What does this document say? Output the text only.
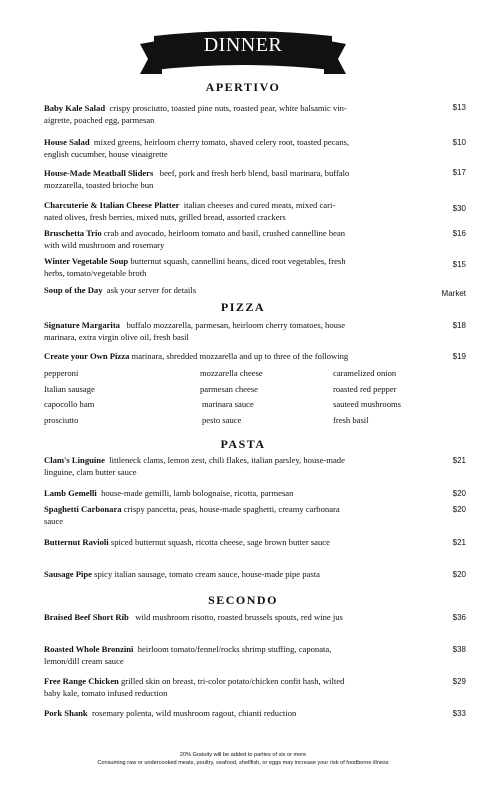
DINNER
APERTIVO
Baby Kale Salad crispy prosciutto, toasted pine nuts, roasted pear, white balsamic vin-
aigrette, poached egg, parmesan
$13
House Salad mixed greens, heirloom cherry tomato, shaved celery root, toasted pecans,
english cucumber, house vinaigrette
$10
House-Made Meatball Sliders beef, pork and fresh herb blend, basil marinara, buffalo
mozzarella, toasted brioche bun
$17
Charcuterie & Italian Cheese Platter italian cheeses and cured meats, mixed cari-
nated olives, fresh berries, mixed nuts, grilled bread, assorted crackers
$30
Bruschetta Trio crab and avocado, heirloom tomato and basil, crushed cannelline bean
with wild mushroom and rosemary
$16
Winter Vegetable Soup butternut squash, cannellini beans, diced root vegetables, fresh
herbs, tomato/vegetable broth
$15
Soup of the Day ask your server for details	Market
PIZZA
Signature Margarita buffalo mozzarella, parmesan, heirloom cherry tomatoes, house
marinara, extra virgin olive oil, fresh basil
$18
Create your Own Pizza marinara, shredded mozzarella and up to three of the following	$19
pepperoni	mozzarella cheese	caramelized onion
Italian sausage	parmesan cheese	roasted red pepper
capocollo ham	marinara sauce	sauteed mushrooms
prosciutto	pesto sauce	fresh basil
PASTA
Clam's Linguine littleneck clams, lemon zest, chili flakes, italian parsley, house-made
linguine, clam butter sauce
$21
Lamb Gemelli house-made gemilli, lamb bolognaise, ricotta, parmesan	$20
Spaghetti Carbonara crispy pancetta, peas, house-made spaghetti, creamy carbonara
sauce
$20
Butternut Ravioli spiced butternut squash, ricotta cheese, sage brown butter sauce	$21
Sausage Pipe spicy italian sausage, tomato cream sauce, house-made pipe pasta	$20
SECONDO
Braised Beef Short Rib wild mushroom risotto, roasted brussels spouts, red wine jus	$36
Roasted Whole Bronzini heirloom tomato/fennel/rocks shrimp stuffing, caponata,
lemon/dill cream sauce
$38
Free Range Chicken grilled skin on breast, tri-color potato/chicken confit hash, wilted
baby kale, tomato infused reduction
$29
Pork Shank rosemary polenta, wild mushroom ragout, chianti reduction	$33
20% Gratuity will be added to parties of six or more
Consuming raw or undercooked meats, poultry, seafood, shellfish, or eggs may increase your risk of foodborne illness
